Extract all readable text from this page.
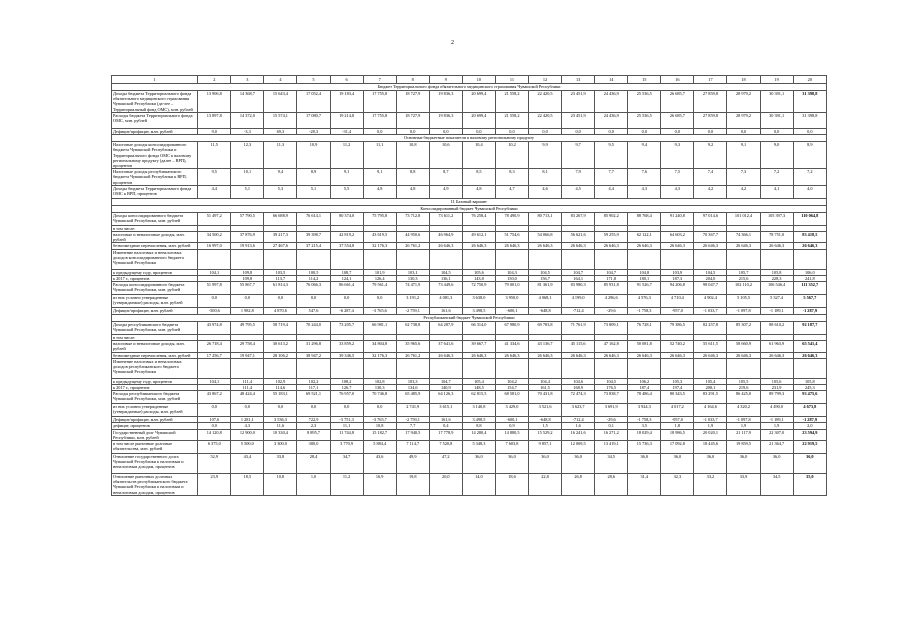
2
1	2	3	4	5	6	7	8	9	10	11	12	13	14	15	16	17	18	19	20
Бюджет Территориального фонда обязательного медицинского страхования Чувашской Республики																			
Доходы бюджета Территориального фонда обязательного медицинского страхования Чувашской Республики (да-лее – Территориальный фонд ОМС), млн. рублей	13 906,8	14 368,7	15 643,4	17 052,4	19 183,4	17 755,8	18 727,9	19 836,3	20 699,4	21 558,2	22 420,5	23 451,9	24 436,9	25 536,5	26 685,7	27 859,8	28 979,2	30 391,1	31 398,8
Расходы бюджета Территориального фонда ОМС, млн. рублей	13 897,8	14 372,0	15 574,1	17 080,7	19 214,8	17 755,8	18 727,9	19 836,3	20 699,4	21 558,2	22 420,5	23 451,9	24 436,9	25 536,5	26 685,7	27 859,8	28 979,2	30 391,1	31 398,8
Дефицит/профицит, млн. рублей	9,0	-3,3	69,3	-28,3	-31,4	0,0	0,0	0,0	0,0	0,0	0,0	0,0	0,0	0,0	0,0	0,0	0,0	0,0	0,0
Основные бюджетные показатели к валовому региональному продукту																			
Налоговые доходы консолидированного бюджета Чувашской Республики и Территориального фонда ОМС к валовому региональному продукту (далее – ВРП), процентов	11,5	12,3	11,3	10,9	11,2	11,1	10,8	10,6	10,4	10,2	9,9	9,7	9,5	9,4	9,3	9,2	9,1	9,0	8,9
Налоговые доходы республиканского бюджета Чувашской Республики к ВРП, процентов	9,5	10,1	9,4	8,9	9,1	9,1	8,8	8,7	8,5	8,3	8,1	7,9	7,7	7,6	7,5	7,4	7,3	7,2	7,2
Доходы бюджета Территориального фонда ОМС к ВРП, процентов	4,4	5,1	5,3	5,1	5,5	4,8	4,8	4,9	4,8	4,7	4,6	4,5	4,4	4,3	4,3	4,2	4,2	4,1	4,0
II. Базовый вариант																			
Консолидированный бюджет Чувашской Республики																			
Доходы консолидированного бюджета Чувашской Республики, млн. рублей	51 497,2	57 790,5	66 688,9	76 614,1	80 374,0	75 795,8	73 712,8	73 611,2	76 258,4	78 490,9	80 713,1	83 267,9	85 902,2	88 768,4	91 240,8	97 014,6	101 012,4	105 397,3	110 064,8
в том числе:																			
налоговые и неналоговые доходы, млн. рублей	34 500,2	37 876,9	39 217,3	39 398,7	42 819,2	43 619,5	44 950,6	46 964,9	49 612,1	51 754,6	54 066,8	56 621,6	59 255,9	62 122,1	64 603,2	70 367,7	74 366,1	78 751,0	83 418,5
безвозмездные перечисления, млн. рублей	16 997,0	19 913,6	27 467,6	37 215,4	37 554,8	32 176,3	26 761,2	26 646,3	26 646,3	26 646,3	26 646,3	26 646,3	26 646,3	26 646,3	26 646,3	26 646,3	26 646,3	26 646,3	26 646,3
Изменение налоговых и неналоговых доходов консолидированного бюджета Чувашской Республики																			
к предыдущему году, процентов	104,1	109,8	103,5	100,5	108,7	101,9	103,1	104,5	105,6	104,3	104,5	104,7	104,7	104,8	103,9	104,5	105,7	105,8	106,0
к 2017 г., процентов		109,8	113,7	114,2	124,1	126,4	130,3	136,1	143,8	150,0	156,7	164,1	171,8	180,1	187,3	204,0	215,6	228,3	241,8
Расходы консолидированного бюджета Чувашской Республики, млн. рублей	51 997,8	55 867,7	61 814,3	76 066,3	86 661,4	79 561,4	74 471,9	73 449,6	72 750,9	79 001,0	81 361,9	83 980,3	85 931,8	91 526,7	94 206,8	98 047,7	102 110,2	106 546,4	111 352,7
из них условно утвержденные (утверждаемые) расходы, млн. рублей	0,0	0,0	0,0	0,0	0,0	0,0	3 191,2	4 081,3	3 638,0	3 950,0	4 068,1	4 199,0	4 296,6	4 576,3	4 710,4	4 902,4	5 105,5	5 327,4	5 567,7
Дефицит/профицит, млн. рублей	-500,6	1 982,8	4 870,6	547,6	-6 287,4	-3 765,6	-2 759,1	161,6	3 498,5	-600,1	-648,8	-712,4	-29,6	-1 758,3	-957,0	-1 033,7	-1 097,8	-1 189,1	-1 287,9
Республиканский бюджет Чувашской Республики																			
Доходы республиканского бюджета Чувашской Республики, млн. рублей	43 974,8	49 795,5	58 719,4	70 244,0	73 205,7	66 981,1	62 738,8	64 287,9	66 314,0	67 980,9	69 783,8	71 761,9	73 809,1	76 728,1	79 386,5	82 257,8	85 307,2	88 610,2	92 187,7
в том числе:																			
налоговые и неналоговые доходы, млн. рублей	26 718,4	29 758,4	30 613,2	31 296,8	33 859,2	34 804,8	35 965,6	37 641,6	39 667,7	41 334,6	43 136,7	45 115,6	47 162,8	50 081,8	52 740,2	55 611,5	58 660,9	61 963,9	65 541,4
безвозмездные перечисления, млн. рублей	17 256,7	19 947,1	28 106,2	38 947,2	39 346,5	32 176,3	26 761,2	26 646,3	26 646,3	26 646,3	26 646,3	26 646,3	26 646,3	26 646,3	26 646,3	26 646,3	26 646,3	26 646,3	26 646,3
Изменение налоговых и неналоговых доходов республиканского бюджета Чувашской Республики																			
к предыдущему году, процентов	104,1	111,4	102,9	102,2	108,2	102,8	103,3	104,7	105,4	104,2	104,4	104,6	104,5	106,2	105,3	105,4	105,5	105,6	105,8
к 2017 г., процентов		111,4	114,6	117,1	126,7	130,3	134,6	140,9	148,5	154,7	161,5	168,9	176,5	187,4	197,4	208,1	219,6	231,9	245,3
Расходы республиканского бюджета Чувашской Республики, млн. рублей	43 867,2	48 424,4	55 183,1	69 521,1	76 957,0	70 746,8	65 485,9	64 126,3	62 815,5	68 581,0	70 431,8	72 474,3	73 838,7	78 486,4	80 343,5	83 291,5	86 425,0	89 799,3	93 475,6
из них условно утвержденные (утверждаемые) расходы, млн. рублей	0,0	0,0	0,0	0,0	0,0	0,0	2 741,9	3 615,1	3 140,8	3 429,0	3 521,6	3 623,7	3 691,9	3 924,3	4 017,2	4 164,6	4 320,2	4 490,0	4 673,8
Дефицит/профицит, млн. рублей	107,6	1 281,1	3 536,3	722,9	-3 751,3	-3 765,7	-2 759,1	161,6	3 498,5	-600,1	-648,8	-712,4	-29,6	-1 758,3	-957,0	-1 033,7	-1 097,8	-1 189,1	-1 287,9
дефицит, процентов	0,0	4,3	11,6	2,3	11,1	10,8	7,7	0,4	8,8	0,9	1,5	1,6	0,1	3,5	1,8	1,9	1,9	1,9	2,0
Государственный долг Чувашской Республики, млн. рублей	14 120,8	12 900,0	10 330,4	8 895,7	11 744,8	15 182,7	17 940,5	17 778,9	14 280,4	14 880,5	15 529,2	16 241,6	16 271,2	18 029,4	18 986,5	20 020,1	21 117,9	22 307,0	23 594,9
в том числе рыночные долговые обязательства, млн. рублей	6 375,0	5 500,0	3 300,0	300,0	3 770,9	5 884,4	7 114,7	7 520,8	5 348,3	7 603,8	9 857,1	12 069,5	13 419,1	15 736,3	17 092,8	18 445,6	19 859,5	21 364,7	22 919,5
Отношение государственного долга Чувашской Республики к налоговым и неналоговым доходам, процентов	52,9	43,4	33,8	28,4	34,7	43,6	49,9	47,2	36,0	36,0	36,0	36,0	34,5	36,0	36,0	36,0	36,0	36,0	36,0
Отношение рыночных долговых обязательств республиканского бюджета Чувашской Республики к налоговым и неналоговым доходам, процентов	23,9	18,5	10,8	1,0	11,2	16,9	19,8	20,0	14,0	18,6	22,8	26,8	28,6	31,4	32,3	33,2	33,9	34,5	35,0
